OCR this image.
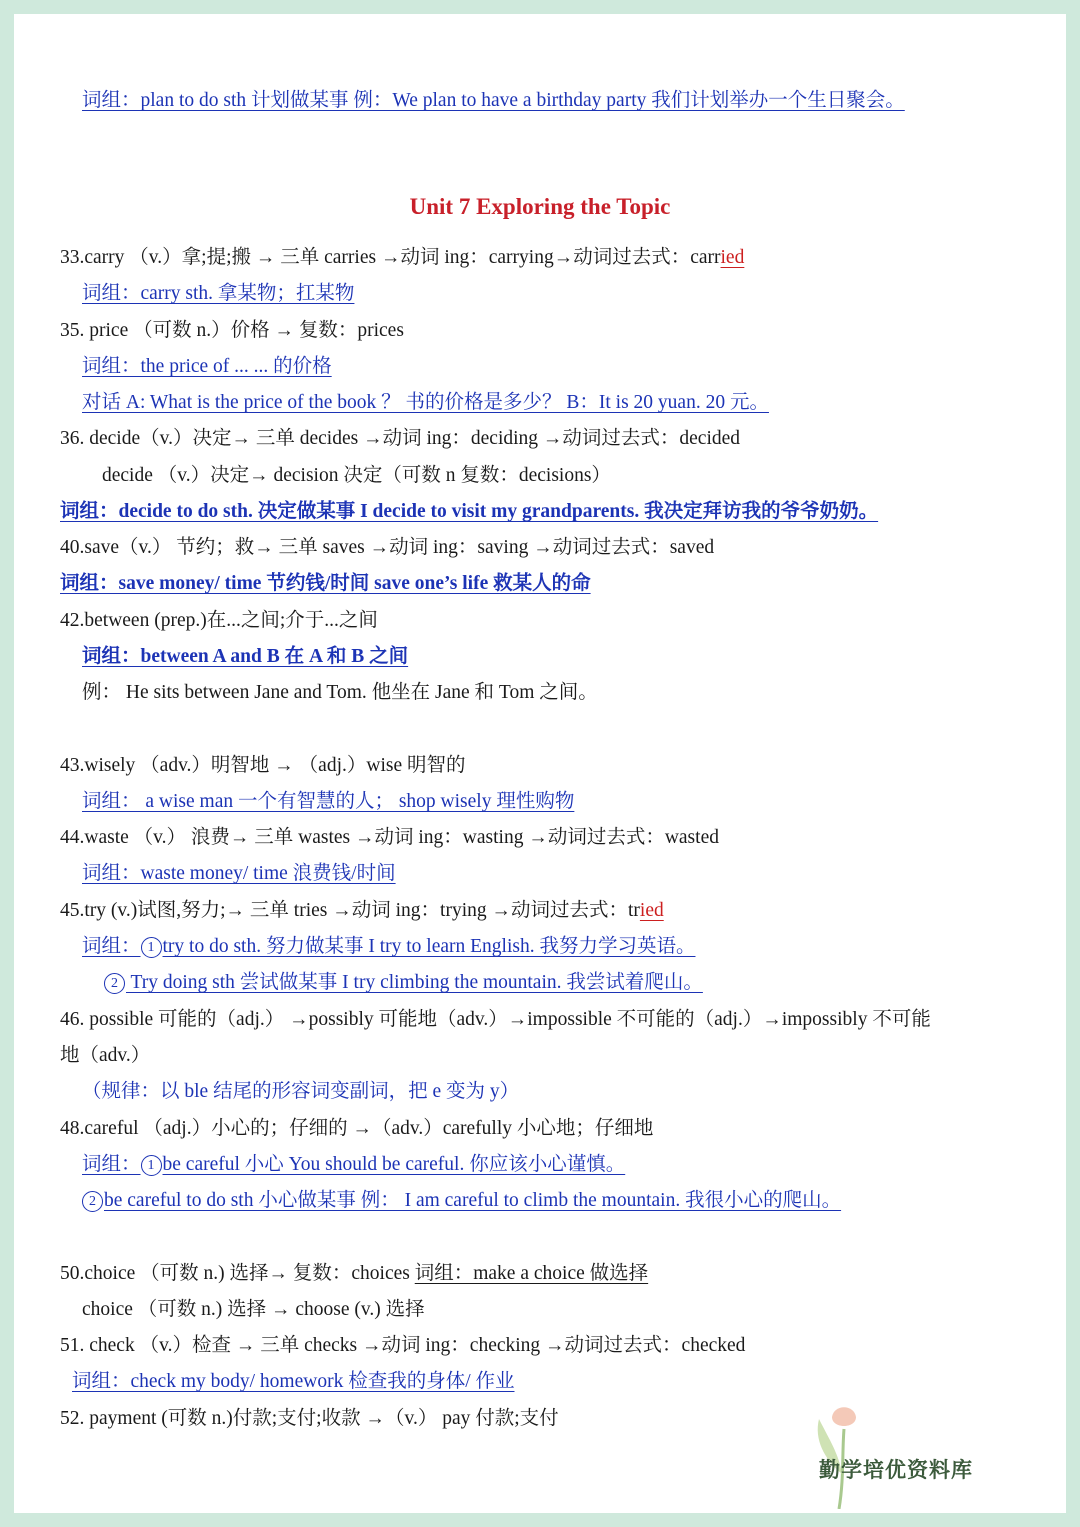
词组：plan to do sth 计划做某事 例：We plan to have a birthday party 我们计划举办一个生日聚会。
Unit 7 Exploring the Topic
33.carry （v.）拿;提;搬 → 三单 carries →动词 ing：carrying→动词过去式：carried
词组：carry sth. 拿某物；扛某物
35. price （可数 n.）价格 → 复数：prices
词组：the price of ... ... 的价格
对话 A: What is the price of the book ？ 书的价格是多少？ B：It is 20 yuan. 20 元。
36. decide（v.）决定→ 三单 decides →动词 ing：deciding →动词过去式：decided
decide （v.）决定→ decision 决定（可数 n 复数：decisions）
词组：decide to do sth. 决定做某事 I decide to visit my grandparents. 我决定拜访我的爷爷奶奶。
40.save（v.） 节约；救→ 三单 saves →动词 ing：saving →动词过去式：saved
词组：save money/ time 节约钱/时间 save one’s life 救某人的命
42.between (prep.)在...之间;介于...之间
词组：between A and B 在 A 和 B 之间
例： He sits between Jane and Tom. 他坐在 Jane 和 Tom 之间。
43.wisely （adv.）明智地 → （adj.）wise 明智的
词组： a wise man 一个有智慧的人； shop wisely 理性购物
44.waste （v.） 浪费→ 三单 wastes →动词 ing：wasting →动词过去式：wasted
词组：waste money/ time 浪费钱/时间
45.try (v.)试图,努力;→ 三单 tries →动词 ing：trying →动词过去式：tried
词组： 1 try to do sth. 努力做某事 I try to learn English. 我努力学习英语。
2 Try doing sth 尝试做某事 I try climbing the mountain. 我尝试着爬山。
46. possible 可能的（adj.） →possibly 可能地（adv.）→impossible 不可能的（adj.）→impossibly 不可能
地（adv.）
（规律：以 ble 结尾的形容词变副词，把 e 变为 y）
48.careful （adj.）小心的；仔细的 →（adv.）carefully 小心地；仔细地
词组： 1 be careful 小心 You should be careful. 你应该小心谨慎。
2 be careful to do sth 小心做某事 例： I am careful to climb the mountain. 我很小心的爬山。
50.choice （可数 n.) 选择→ 复数：choices 词组：make a choice 做选择
choice （可数 n.) 选择 → choose (v.) 选择
51. check （v.）检查 → 三单 checks →动词 ing：checking →动词过去式：checked
词组：check my body/ homework 检查我的身体/ 作业
52. payment (可数 n.)付款;支付;收款 →（v.） pay 付款;支付
勤学培优资料库
